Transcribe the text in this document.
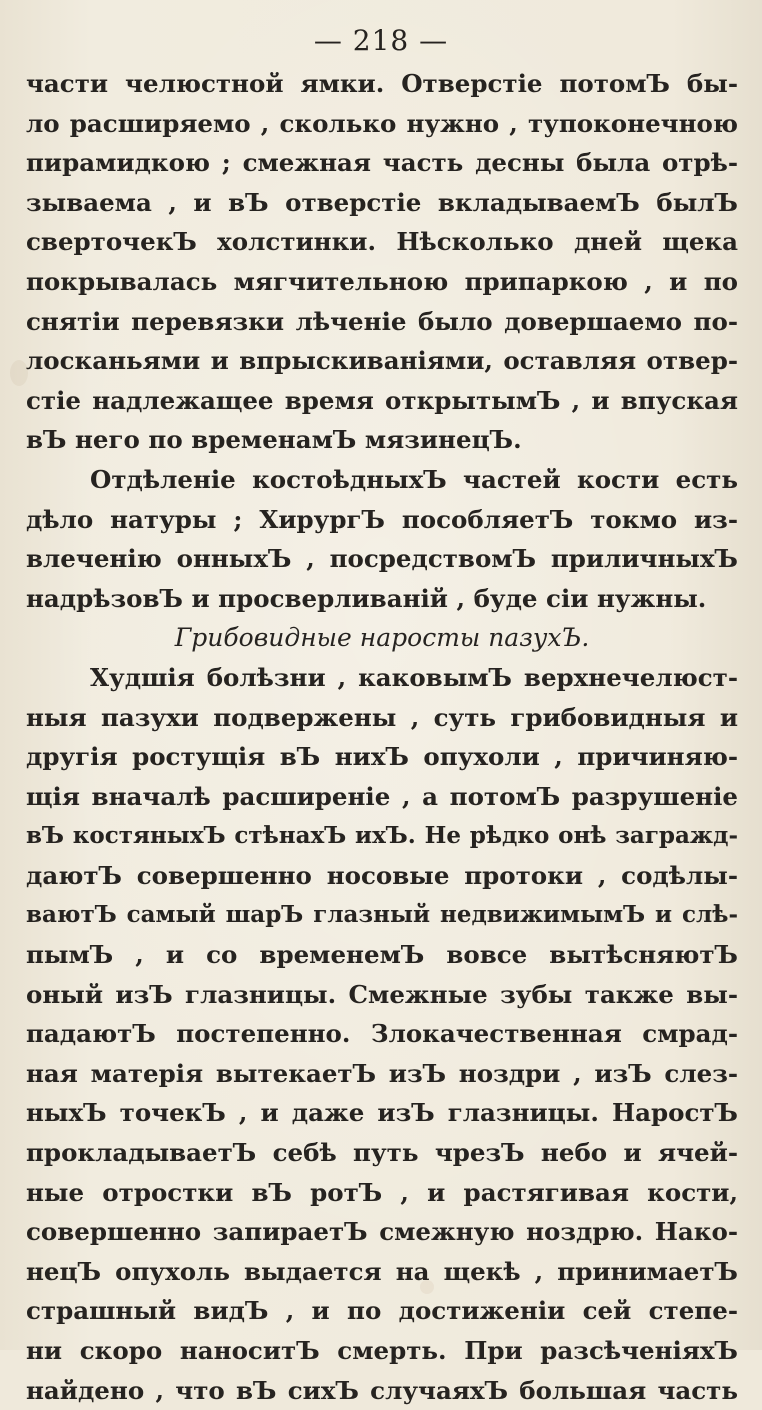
— 218 —
части челюстной ямки. Отверстіе потомЪ бы-
ло расширяемо , сколько нужно , тупоконечною
пирамидкою ; смежная часть десны была отрѣ-
зываема , и вЪ отверстіе вкладываемЪ былЪ
сверточекЪ холстинки. Нѣсколько дней щека
покрывалась мягчительною припаркою , и по
снятіи перевязки лѣченіе было довершаемо по-
лосканьями и впрыскиваніями, оставляя отвер-
стіе надлежащее время открытымЪ , и впуская
вЪ него по временамЪ мязинецЪ.
Отдѣленіе костоѣдныхЪ частей кости есть
дѣло натуры ; ХирургЪ пособляетЪ токмо из-
влеченію онныхЪ , посредствомЪ приличныхЪ
надрѣзовЪ и просверливаній , буде сіи нужны.
Грибовидные наросты пазухЪ.
Худшія болѣзни , каковымЪ верхнечелюст-
ныя пазухи подвержены , суть грибовидныя и
другія ростущія вЪ нихЪ опухоли , причиняю-
щія вначалѣ расширеніе , а потомЪ разрушеніе
вЪ костяныхЪ стѣнахЪ ихЪ. Не рѣдко онѣ загражд-
даютЪ совершенно носовые протоки , содѣлы-
ваютЪ самый шарЪ глазный недвижимымЪ и слѣ-
пымЪ , и со временемЪ вовсе вытѣсняютЪ
оный изЪ глазницы. Смежные зубы также вы-
падаютЪ постепенно. Злокачественная смрад-
ная матерія вытекаетЪ изЪ ноздри , изЪ слез-
ныхЪ точекЪ , и даже изЪ глазницы. НаростЪ
прокладываетЪ себѣ путь чрезЪ небо и ячей-
ные отростки вЪ ротЪ , и растягивая кости,
совершенно запираетЪ смежную ноздрю. Нако-
нецЪ опухоль выдается на щекѣ , принимаетЪ
страшный видЪ , и по достиженіи сей степе-
ни скоро наноситЪ смерть. При разсѣченіяхЪ
найдено , что вЪ сихЪ случаяхЪ большая часть
